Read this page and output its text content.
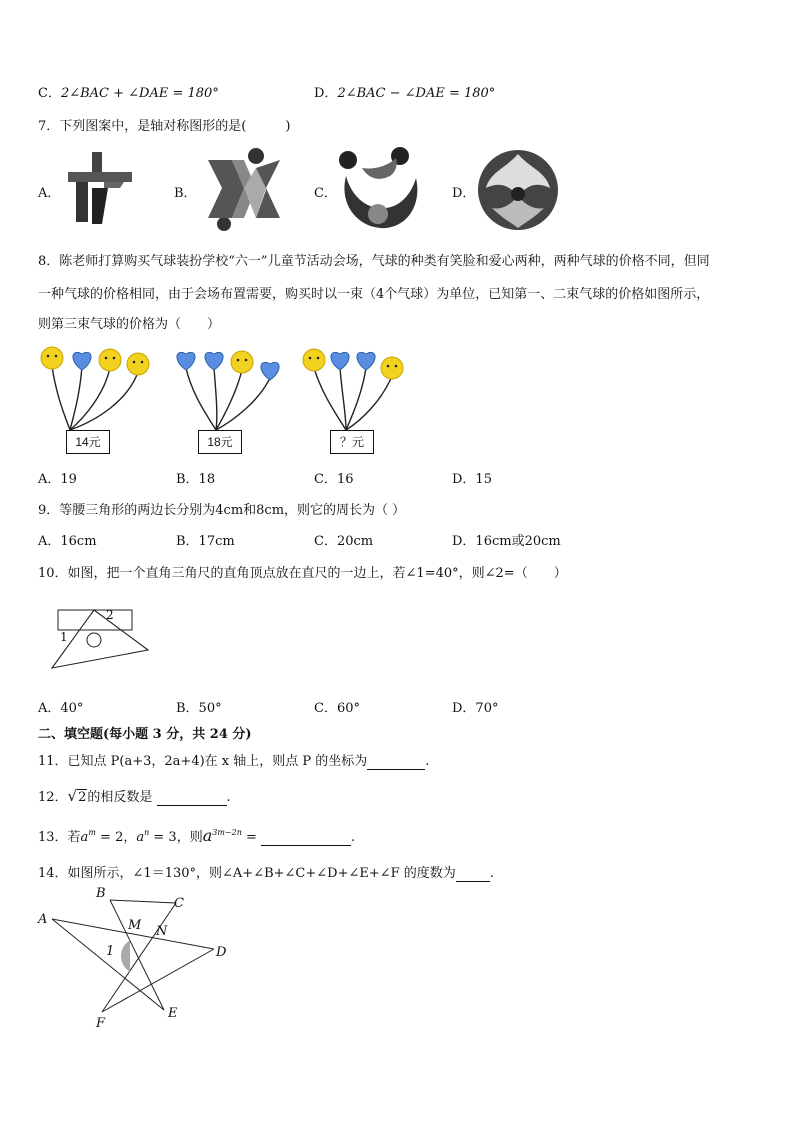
C．2∠BAC + ∠DAE = 180°	D．2∠BAC − ∠DAE = 180°
7．下列图案中，是轴对称图形的是(　　　)
A．	B．	C．	D．
8．陈老师打算购买气球装扮学校“六一”儿童节活动会场，气球的种类有笑脸和爱心两种，两种气球的价格不同，但同
一种气球的价格相同，由于会场布置需要，购买时以一束（4个气球）为单位，已知第一、二束气球的价格如图所示，
则第三束气球的价格为（　　）
14元	18元	？元
A．19	B．18	C．16	D．15
9．等腰三角形的两边长分别为4cm和8cm，则它的周长为（ ）
A．16cm	B．17cm	C．20cm	D．16cm或20cm
10．如图，把一个直角三角尺的直角顶点放在直尺的一边上，若∠1=40°，则∠2=（　　）
2
1
A．40°	B．50°	C．60°	D．70°
二、填空题(每小题 3 分，共 24 分)
11．已知点 P(a+3，2a+4)在 x 轴上，则点 P 的坐标为	.
12．√2的相反数是	.
13．若$a^m = 2$，$a^n = 3$，则$a^{3m-2n}$ =	.
14．如图所示，∠1＝130°，则∠A+∠B+∠C+∠D+∠E+∠F 的度数为	.
A
B
C
D
E
F
M N
1
